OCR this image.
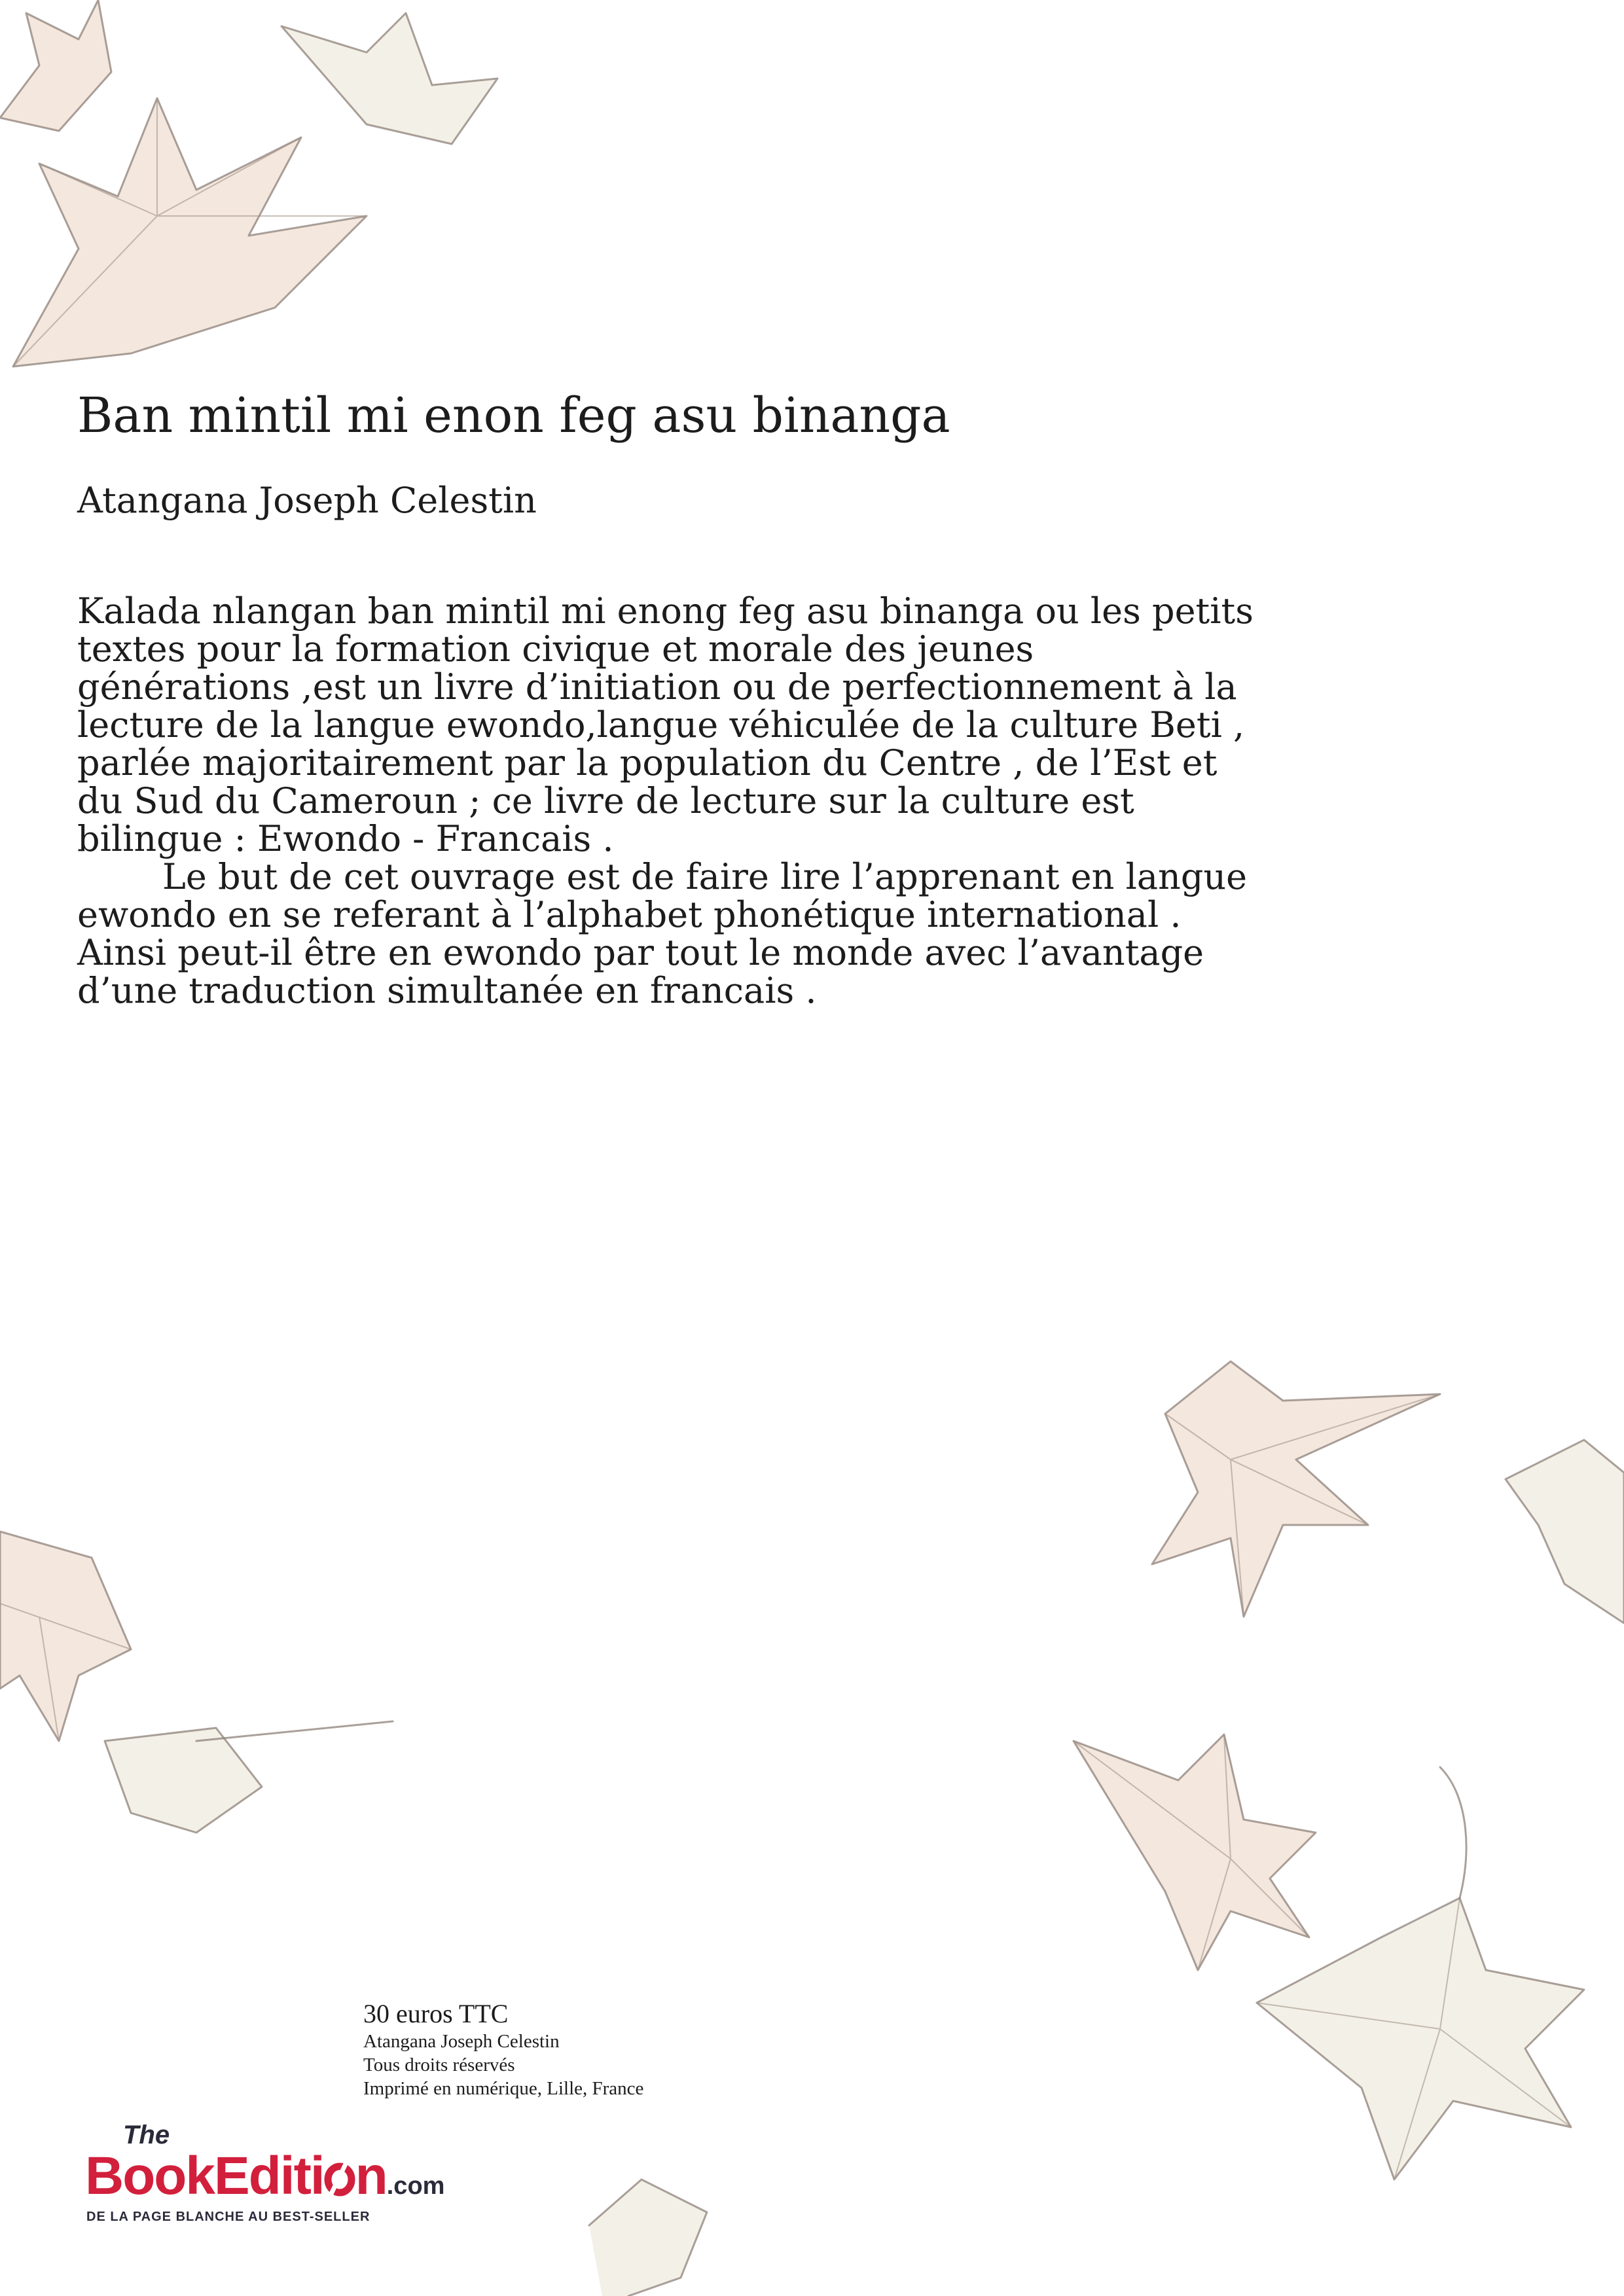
Ban mintil mi enon feg asu binanga
Atangana Joseph Celestin

Kalada nlangan ban mintil mi enong feg asu binanga ou les petits textes pour la formation civique et morale des jeunes générations ,est un livre d’initiation ou de perfectionnement à la lecture de la langue ewondo,langue véhiculée de la culture Beti , parlée majoritairement par la population du Centre , de l’Est et du Sud du Cameroun ; ce livre de lecture sur la culture est bilingue : Ewondo - Francais .

Le but de cet ouvrage est de faire lire l’apprenant en langue ewondo en se referant à l’alphabet phonétique international . Ainsi peut-il être en ewondo par tout le monde avec l’avantage d’une traduction simultanée en francais .

30 euros TTC
Atangana Joseph Celestin
Tous droits réservés
Imprimé en numérique, Lille, France
The
BookEditi n.com
DE LA PAGE BLANCHE AU BEST-SELLER
